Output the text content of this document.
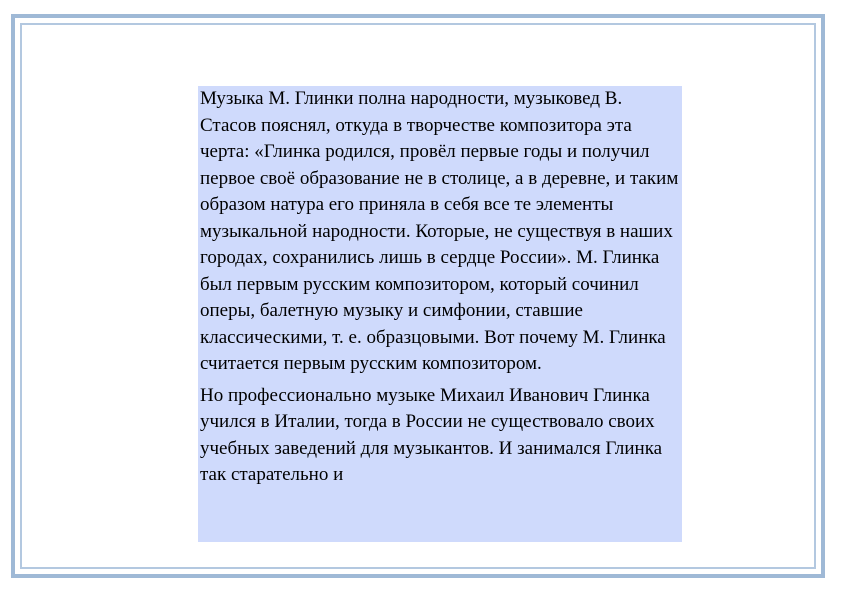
Музыка М. Глинки полна народности, музыковед В. Стасов пояснял, откуда в творчестве композитора эта черта: «Глинка родился, провёл первые годы и получил первое своё образование не в столице, а в деревне, и таким образом натура его приняла в себя все те элементы музыкальной народности. Которые, не существуя в наших городах, сохранились лишь в сердце России». М. Глинка был первым русским композитором, который сочинил оперы, балетную музыку и симфонии, ставшие классическими, т. е. образцовыми. Вот почему М. Глинка считается первым русским композитором.

Но профессионально музыке Михаил Иванович Глинка учился в Италии, тогда в России не существовало своих учебных заведений для музыкантов. И занимался Глинка так старательно и
